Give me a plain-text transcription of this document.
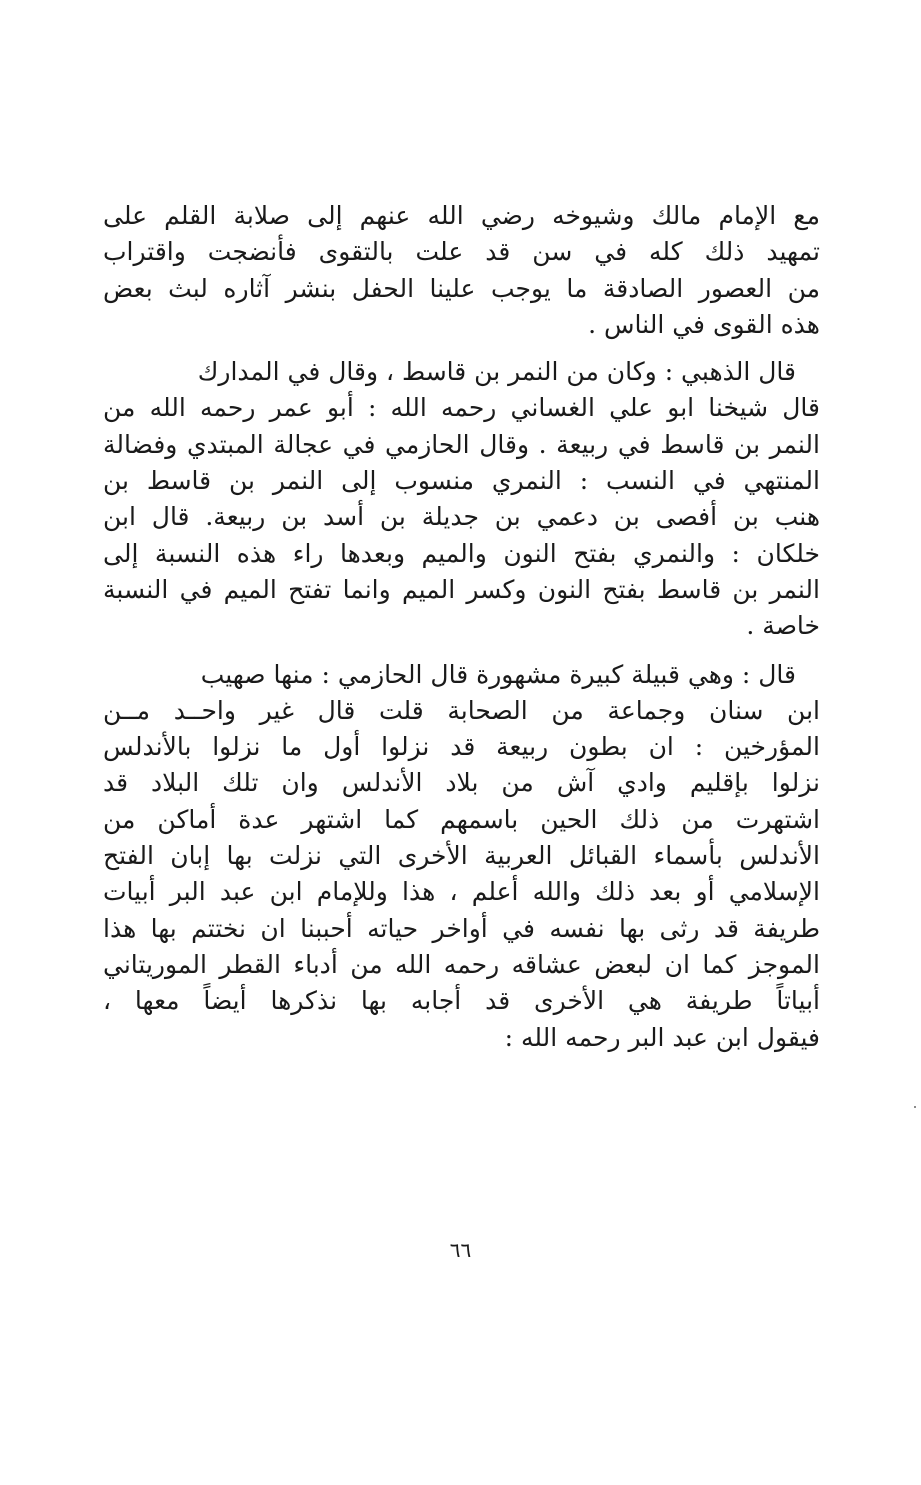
مع الإمام مالك وشيوخه رضي الله عنهم إلى صلابة القلم على
تمهيد ذلك كله في سن قد علت بالتقوى فأنضجت واقتراب
من العصور الصادقة ما يوجب علينا الحفل بنشر آثاره لبث بعض
هذه القوى في الناس .
قال الذهبي : وكان من النمر بن قاسط ، وقال في المدارك
قال شيخنا ابو علي الغساني رحمه الله : أبو عمر رحمه الله من
النمر بن قاسط في ربيعة . وقال الحازمي في عجالة المبتدي وفضالة
المنتهي في النسب : النمري منسوب إلى النمر بن قاسط بن
هنب بن أفصى بن دعمي بن جديلة بن أسد بن ربيعة. قال ابن
خلكان : والنمري بفتح النون والميم وبعدها راء هذه النسبة إلى
النمر بن قاسط بفتح النون وكسر الميم وانما تفتح الميم في النسبة
خاصة .
قال : وهي قبيلة كبيرة مشهورة قال الحازمي : منها صهيب
ابن سنان وجماعة من الصحابة قلت قال غير واحــد مــن
المؤرخين : ان بطون ربيعة قد نزلوا أول ما نزلوا بالأندلس
نزلوا بإقليم وادي آش من بلاد الأندلس وان تلك البلاد قد
اشتهرت من ذلك الحين باسمهم كما اشتهر عدة أماكن من
الأندلس بأسماء القبائل العربية الأخرى التي نزلت بها إبان الفتح
الإسلامي أو بعد ذلك والله أعلم ، هذا وللإمام ابن عبد البر أبيات
طريفة قد رثى بها نفسه في أواخر حياته أحببنا ان نختتم بها هذا
الموجز كما ان لبعض عشاقه رحمه الله من أدباء القطر الموريتاني
أبياتاً طريفة هي الأخرى قد أجابه بها نذكرها أيضاً معها ،
فيقول ابن عبد البر رحمه الله :
٦٦
